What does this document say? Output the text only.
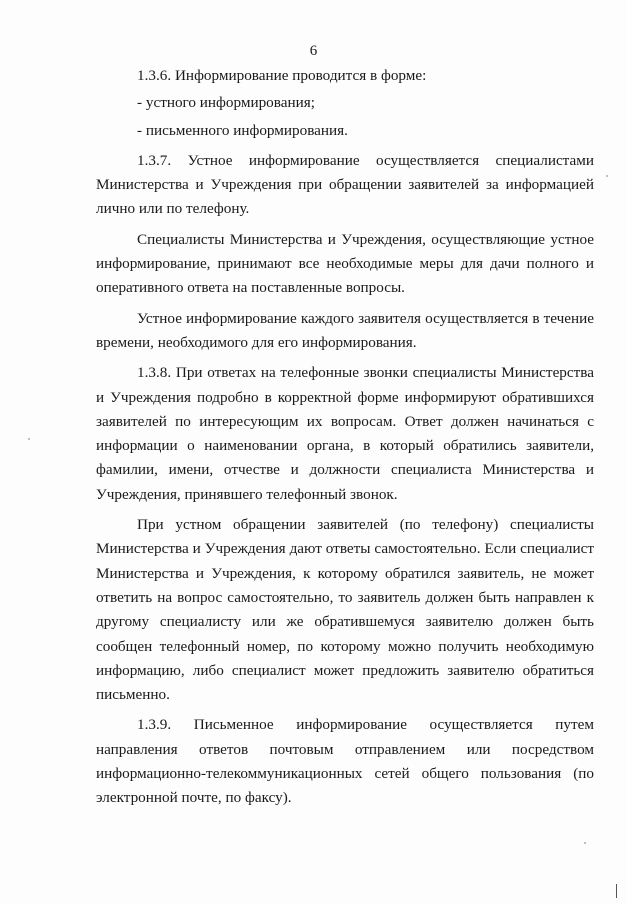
6

1.3.6. Информирование проводится в форме:

- устного информирования;

- письменного информирования.

1.3.7. Устное информирование осуществляется специалистами Министерства и Учреждения при обращении заявителей за информацией лично или по телефону.

Специалисты Министерства и Учреждения, осуществляющие устное информирование, принимают все необходимые меры для дачи полного и оперативного ответа на поставленные вопросы.

Устное информирование каждого заявителя осуществляется в течение времени, необходимого для его информирования.

1.3.8. При ответах на телефонные звонки специалисты Министерства и Учреждения подробно в корректной форме информируют обратившихся заявителей по интересующим их вопросам. Ответ должен начинаться с информации о наименовании органа, в который обратились заявители, фамилии, имени, отчестве и должности специалиста Министерства и Учреждения, принявшего телефонный звонок.

При устном обращении заявителей (по телефону) специалисты Министерства и Учреждения дают ответы самостоятельно. Если специалист Министерства и Учреждения, к которому обратился заявитель, не может ответить на вопрос самостоятельно, то заявитель должен быть направлен к другому специалисту или же обратившемуся заявителю должен быть сообщен телефонный номер, по которому можно получить необходимую информацию, либо специалист может предложить заявителю обратиться письменно.

1.3.9. Письменное информирование осуществляется путем направления ответов почтовым отправлением или посредством информационно-телекоммуникационных сетей общего пользования (по электронной почте, по факсу).
